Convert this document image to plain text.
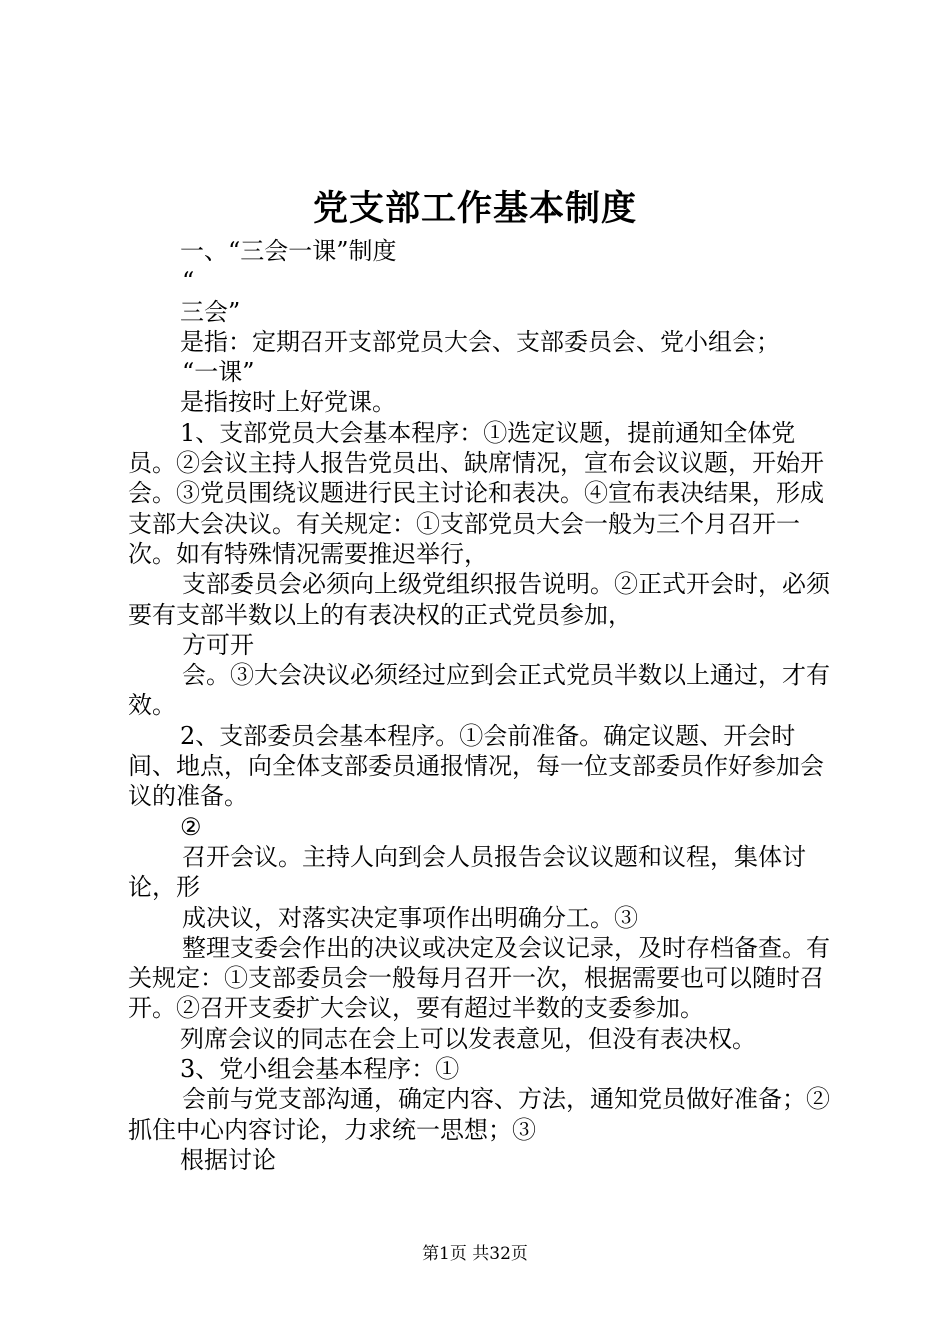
党支部工作基本制度

一、“三会一课”制度

“

三会”

是指：定期召开支部党员大会、支部委员会、党小组会；

“一课”

是指按时上好党课。

1、支部党员大会基本程序：①选定议题，提前通知全体党员。②会议主持人报告党员出、缺席情况，宣布会议议题，开始开会。③党员围绕议题进行民主讨论和表决。④宣布表决结果，形成支部大会决议。有关规定：①支部党员大会一般为三个月召开一次。如有特殊情况需要推迟举行，

支部委员会必须向上级党组织报告说明。②正式开会时，必须要有支部半数以上的有表决权的正式党员参加，

方可开

会。③大会决议必须经过应到会正式党员半数以上通过，才有效。

2、支部委员会基本程序。①会前准备。确定议题、开会时间、地点，向全体支部委员通报情况，每一位支部委员作好参加会议的准备。

②

召开会议。主持人向到会人员报告会议议题和议程，集体讨论，形

成决议，对落实决定事项作出明确分工。③

整理支委会作出的决议或决定及会议记录，及时存档备查。有关规定：①支部委员会一般每月召开一次，根据需要也可以随时召开。②召开支委扩大会议，要有超过半数的支委参加。

列席会议的同志在会上可以发表意见，但没有表决权。

3、党小组会基本程序：①

会前与党支部沟通，确定内容、方法，通知党员做好准备；②抓住中心内容讨论，力求统一思想；③

根据讨论

第1页 共32页
